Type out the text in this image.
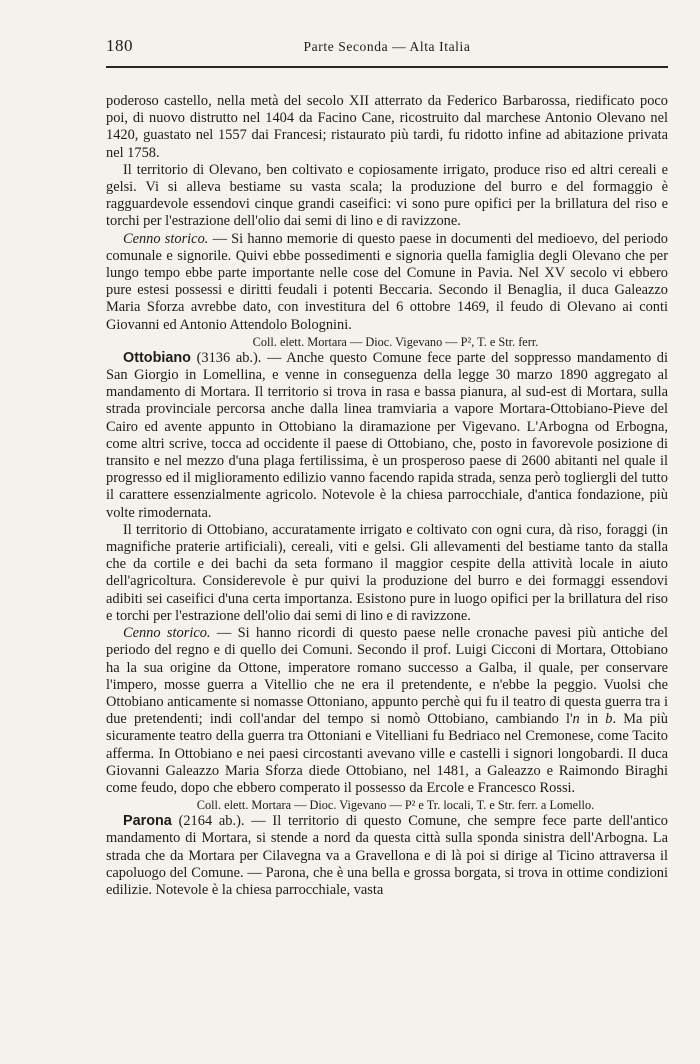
180	Parte Seconda — Alta Italia

poderoso castello, nella metà del secolo XII atterrato da Federico Barbarossa, riedificato poco poi, di nuovo distrutto nel 1404 da Facino Cane, ricostruito dal marchese Antonio Olevano nel 1420, guastato nel 1557 dai Francesi; ristaurato più tardi, fu ridotto infine ad abitazione privata nel 1758.

Il territorio di Olevano, ben coltivato e copiosamente irrigato, produce riso ed altri cereali e gelsi. Vi si alleva bestiame su vasta scala; la produzione del burro e del formaggio è ragguardevole essendovi cinque grandi caseifici: vi sono pure opifici per la brillatura del riso e torchi per l'estrazione dell'olio dai semi di lino e di ravizzone.

Cenno storico. — Si hanno memorie di questo paese in documenti del medioevo, del periodo comunale e signorile. Quivi ebbe possedimenti e signoria quella famiglia degli Olevano che per lungo tempo ebbe parte importante nelle cose del Comune in Pavia. Nel XV secolo vi ebbero pure estesi possessi e diritti feudali i potenti Beccaria. Secondo il Benaglia, il duca Galeazzo Maria Sforza avrebbe dato, con investitura del 6 ottobre 1469, il feudo di Olevano ai conti Giovanni ed Antonio Attendolo Bolognini.

Coll. elett. Mortara — Dioc. Vigevano — P², T. e Str. ferr.

Ottobiano (3136 ab.). — Anche questo Comune fece parte del soppresso mandamento di San Giorgio in Lomellina, e venne in conseguenza della legge 30 marzo 1890 aggregato al mandamento di Mortara. Il territorio si trova in rasa e bassa pianura, al sud-est di Mortara, sulla strada provinciale percorsa anche dalla linea tramviaria a vapore Mortara-Ottobiano-Pieve del Cairo ed avente appunto in Ottobiano la diramazione per Vigevano. L'Arbogna od Erbogna, come altri scrive, tocca ad occidente il paese di Ottobiano, che, posto in favorevole posizione di transito e nel mezzo d'una plaga fertilissima, è un prosperoso paese di 2600 abitanti nel quale il progresso ed il miglioramento edilizio vanno facendo rapida strada, senza però togliergli del tutto il carattere essenzialmente agricolo. Notevole è la chiesa parrocchiale, d'antica fondazione, più volte rimodernata.

Il territorio di Ottobiano, accuratamente irrigato e coltivato con ogni cura, dà riso, foraggi (in magnifiche praterie artificiali), cereali, viti e gelsi. Gli allevamenti del bestiame tanto da stalla che da cortile e dei bachi da seta formano il maggior cespite della attività locale in aiuto dell'agricoltura. Considerevole è pur quivi la produzione del burro e dei formaggi essendovi adibiti sei caseifici d'una certa importanza. Esistono pure in luogo opifici per la brillatura del riso e torchi per l'estrazione dell'olio dai semi di lino e di ravizzone.

Cenno storico. — Si hanno ricordi di questo paese nelle cronache pavesi più antiche del periodo del regno e di quello dei Comuni. Secondo il prof. Luigi Cicconi di Mortara, Ottobiano ha la sua origine da Ottone, imperatore romano successo a Galba, il quale, per conservare l'impero, mosse guerra a Vitellio che ne era il pretendente, e n'ebbe la peggio. Vuolsi che Ottobiano anticamente si nomasse Ottoniano, appunto perchè qui fu il teatro di questa guerra tra i due pretendenti; indi coll'andar del tempo si nomò Ottobiano, cambiando l'n in b. Ma più sicuramente teatro della guerra tra Ottoniani e Vitelliani fu Bedriaco nel Cremonese, come Tacito afferma. In Ottobiano e nei paesi circostanti avevano ville e castelli i signori longobardi. Il duca Giovanni Galeazzo Maria Sforza diede Ottobiano, nel 1481, a Galeazzo e Raimondo Biraghi come feudo, dopo che ebbero comperato il possesso da Ercole e Francesco Rossi.

Coll. elett. Mortara — Dioc. Vigevano — P² e Tr. locali, T. e Str. ferr. a Lomello.

Parona (2164 ab.). — Il territorio di questo Comune, che sempre fece parte dell'antico mandamento di Mortara, si stende a nord da questa città sulla sponda sinistra dell'Arbogna. La strada che da Mortara per Cilavegna va a Gravellona e di là poi si dirige al Ticino attraversa il capoluogo del Comune. — Parona, che è una bella e grossa borgata, si trova in ottime condizioni edilizie. Notevole è la chiesa parrocchiale, vasta
